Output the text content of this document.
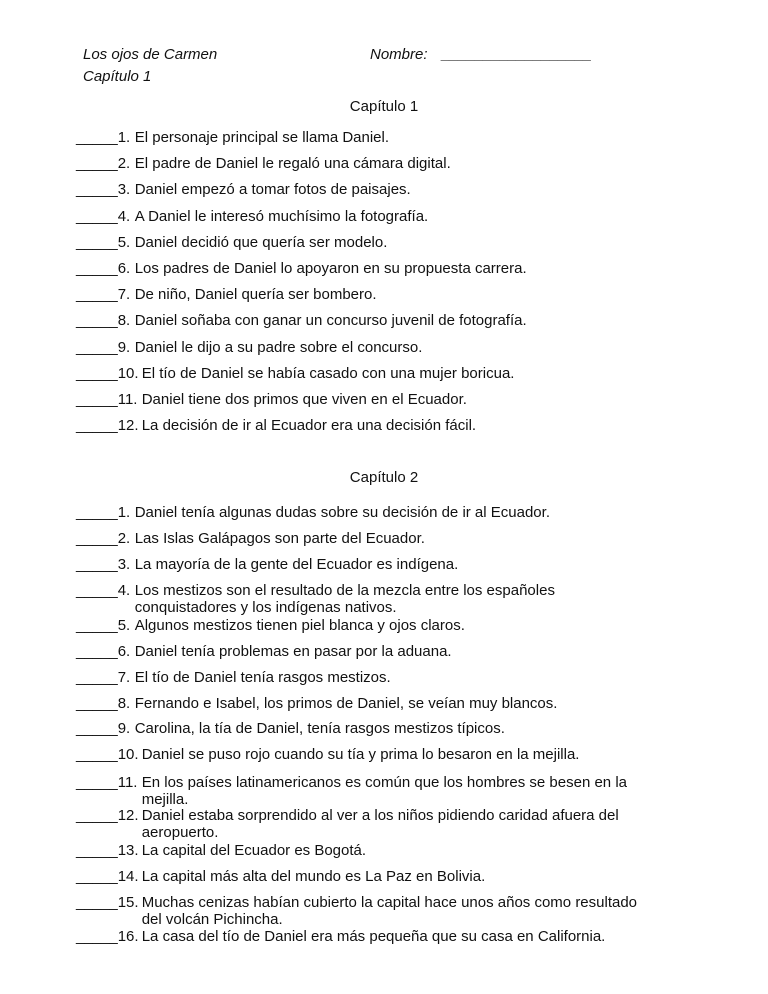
Los ojos de Carmen
Capítulo 1
Nombre: __________________
Capítulo 1
_____1. El personaje principal se llama Daniel.
_____2. El padre de Daniel le regaló una cámara digital.
_____3. Daniel empezó a tomar fotos de paisajes.
_____4. A Daniel le interesó muchísimo la fotografía.
_____5. Daniel decidió que quería ser modelo.
_____6. Los padres de Daniel lo apoyaron en su propuesta carrera.
_____7. De niño, Daniel quería ser bombero.
_____8. Daniel soñaba con ganar un concurso juvenil de fotografía.
_____9. Daniel le dijo a su padre sobre el concurso.
_____10. El tío de Daniel se había casado con una mujer boricua.
_____11. Daniel tiene dos primos que viven en el Ecuador.
_____12. La decisión de ir al Ecuador era una decisión fácil.
Capítulo 2
_____1. Daniel tenía algunas dudas sobre su decisión de ir al Ecuador.
_____2. Las Islas Galápagos son parte del Ecuador.
_____3. La mayoría de la gente del Ecuador es indígena.
_____4. Los mestizos son el resultado de la mezcla entre los españoles
conquistadores y los indígenas nativos.
_____5. Algunos mestizos tienen piel blanca y ojos claros.
_____6. Daniel tenía problemas en pasar por la aduana.
_____7. El tío de Daniel tenía rasgos mestizos.
_____8. Fernando e Isabel, los primos de Daniel, se veían muy blancos.
_____9. Carolina, la tía de Daniel, tenía rasgos mestizos típicos.
_____10. Daniel se puso rojo cuando su tía y prima lo besaron en la mejilla.
_____11. En los países latinamericanos es común que los hombres se besen en la
mejilla.
_____12. Daniel estaba sorprendido al ver a los niños pidiendo caridad afuera del
aeropuerto.
_____13. La capital del Ecuador es Bogotá.
_____14. La capital más alta del mundo es La Paz en Bolivia.
_____15. Muchas cenizas habían cubierto la capital hace unos años como resultado
del volcán Pichincha.
_____16. La casa del tío de Daniel era más pequeña que su casa en California.
